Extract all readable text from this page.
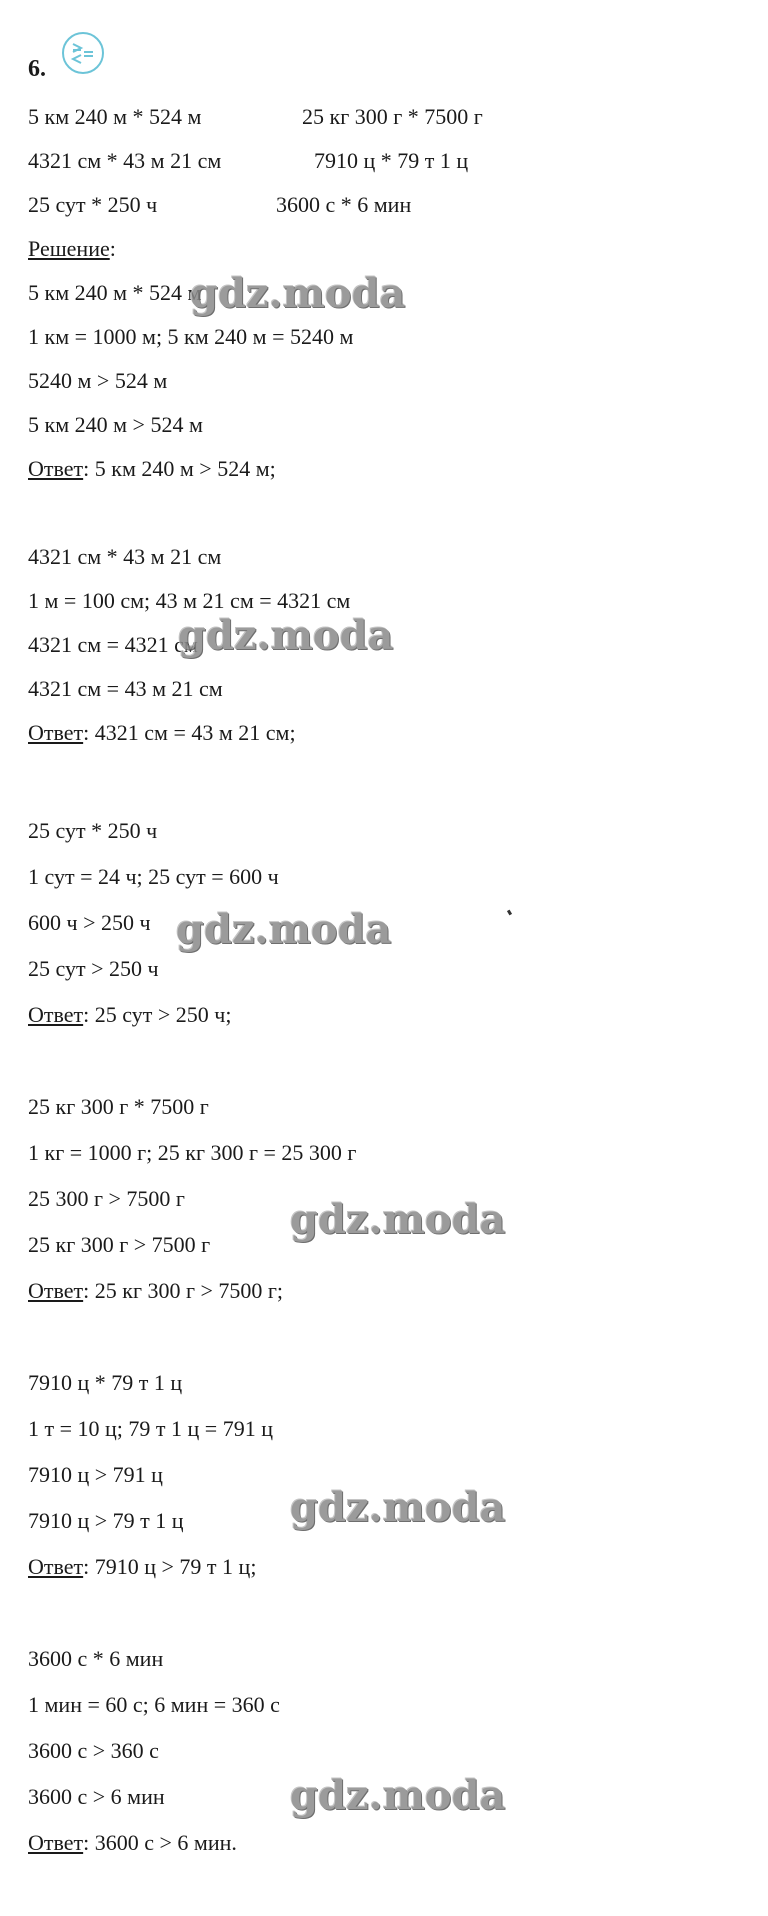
6.
5 км 240 м * 524 м	25 кг 300 г * 7500 г
4321 см * 43 м 21 см	7910 ц * 79 т 1 ц
25 сут * 250 ч	3600 с * 6 мин
Решение:
5 км 240 м * 524 м
1 км = 1000 м; 5 км 240 м = 5240 м
5240 м > 524 м
5 км 240 м > 524 м
Ответ: 5 км 240 м > 524 м;
4321 см * 43 м 21 см
1 м = 100 см; 43 м 21 см = 4321 см
4321 см = 4321 см
4321 см = 43 м 21 см
Ответ: 4321 см = 43 м 21 см;
25 сут * 250 ч
1 сут = 24 ч; 25 сут = 600 ч
600 ч > 250 ч
25 сут > 250 ч
Ответ: 25 сут > 250 ч;
25 кг 300 г * 7500 г
1 кг = 1000 г; 25 кг 300 г = 25 300 г
25 300 г > 7500 г
25 кг 300 г > 7500 г
Ответ: 25 кг 300 г > 7500 г;
7910 ц * 79 т 1 ц
1 т = 10 ц; 79 т 1 ц = 791 ц
7910 ц > 791 ц
7910 ц > 79 т 1 ц
Ответ: 7910 ц > 79 т 1 ц;
3600 с * 6 мин
1 мин = 60 с; 6 мин = 360 с
3600 с > 360 с
3600 с > 6 мин
Ответ: 3600 с > 6 мин.
gdz.moda
gdz.moda
gdz.moda
gdz.moda
gdz.moda
gdz.moda
